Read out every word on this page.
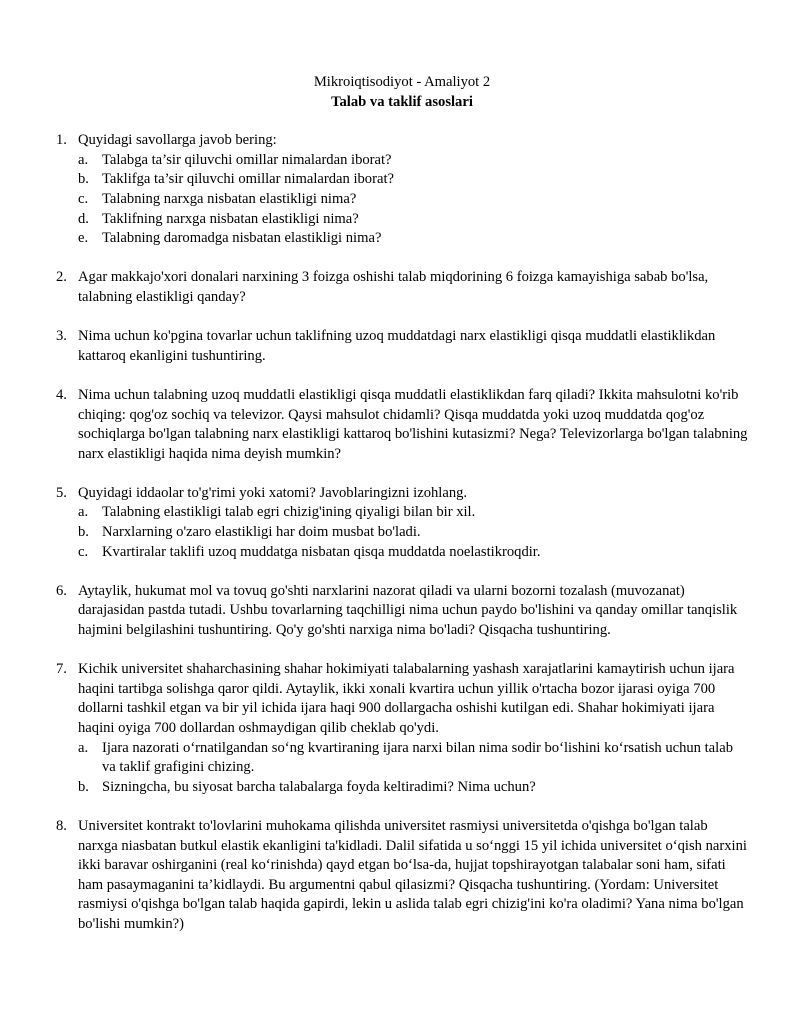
Mikroiqtisodiyot - Amaliyot 2
Talab va taklif asoslari
1. Quyidagi savollarga javob bering:
a. Talabga ta’sir qiluvchi omillar nimalardan iborat?
b. Taklifga ta’sir qiluvchi omillar nimalardan iborat?
c. Talabning narxga nisbatan elastikligi nima?
d. Taklifning narxga nisbatan elastikligi nima?
e. Talabning daromadga nisbatan elastikligi nima?
2. Agar makkajo'xori donalari narxining 3 foizga oshishi talab miqdorining 6 foizga kamayishiga sabab bo'lsa, talabning elastikligi qanday?
3. Nima uchun ko'pgina tovarlar uchun taklifning uzoq muddatdagi narx elastikligi qisqa muddatli elastiklikdan kattaroq ekanligini tushuntiring.
4. Nima uchun talabning uzoq muddatli elastikligi qisqa muddatli elastiklikdan farq qiladi? Ikkita mahsulotni ko'rib chiqing: qog'oz sochiq va televizor. Qaysi mahsulot chidamli? Qisqa muddatda yoki uzoq muddatda qog'oz sochiqlarga bo'lgan talabning narx elastikligi kattaroq bo'lishini kutasizmi? Nega? Televizorlarga bo'lgan talabning narx elastikligi haqida nima deyish mumkin?
5. Quyidagi iddaolar to'g'rimi yoki xatomi? Javoblaringizni izohlang.
a. Talabning elastikligi talab egri chizig'ining qiyaligi bilan bir xil.
b. Narxlarning o'zaro elastikligi har doim musbat bo'ladi.
c. Kvartiralar taklifi uzoq muddatga nisbatan qisqa muddatda noelastikroqdir.
6. Aytaylik, hukumat mol va tovuq go'shti narxlarini nazorat qiladi va ularni bozorni tozalash (muvozanat) darajasidan pastda tutadi. Ushbu tovarlarning taqchilligi nima uchun paydo bo'lishini va qanday omillar tanqislik hajmini belgilashini tushuntiring. Qo'y go'shti narxiga nima bo'ladi? Qisqacha tushuntiring.
7. Kichik universitet shaharchasining shahar hokimiyati talabalarning yashash xarajatlarini kamaytirish uchun ijara haqini tartibga solishga qaror qildi. Aytaylik, ikki xonali kvartira uchun yillik o'rtacha bozor ijarasi oyiga 700 dollarni tashkil etgan va bir yil ichida ijara haqi 900 dollargacha oshishi kutilgan edi. Shahar hokimiyati ijara haqini oyiga 700 dollardan oshmaydigan qilib cheklab qo'ydi.
a. Ijara nazorati o‘rnatilgandan so‘ng kvartiraning ijara narxi bilan nima sodir bo‘lishini ko‘rsatish uchun talab va taklif grafigini chizing.
b. Sizningcha, bu siyosat barcha talabalarga foyda keltiradimi? Nima uchun?
8. Universitet kontrakt to'lovlarini muhokama qilishda universitet rasmiysi universitetda o'qishga bo'lgan talab narxga niasbatan butkul elastik ekanligini ta'kidladi. Dalil sifatida u so‘nggi 15 yil ichida universitet o‘qish narxini ikki baravar oshirganini (real ko‘rinishda) qayd etgan bo‘lsa-da, hujjat topshirayotgan talabalar soni ham, sifati ham pasaymaganini ta’kidlaydi. Bu argumentni qabul qilasizmi? Qisqacha tushuntiring. (Yordam: Universitet rasmiysi o'qishga bo'lgan talab haqida gapirdi, lekin u aslida talab egri chizig'ini ko'ra oladimi? Yana nima bo'lgan bo'lishi mumkin?)
